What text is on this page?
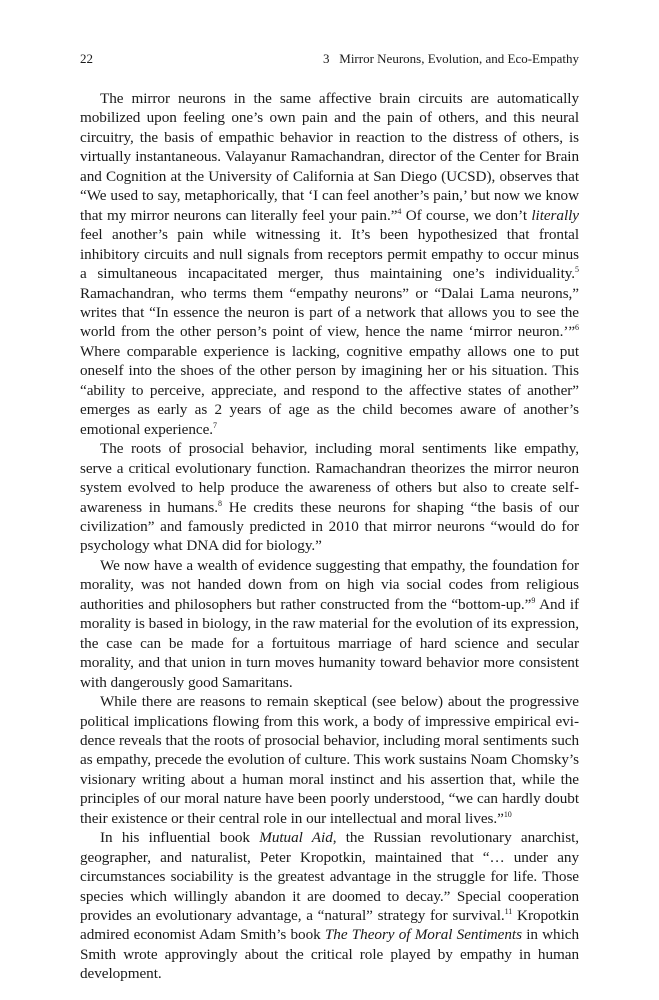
22	3   Mirror Neurons, Evolution, and Eco-Empathy

The mirror neurons in the same affective brain circuits are automatically mobilized upon feeling one’s own pain and the pain of others, and this neural circuitry, the basis of empathic behavior in reaction to the distress of others, is virtually instantaneous. Valayanur Ramachandran, director of the Center for Brain and Cognition at the University of California at San Diego (UCSD), observes that “We used to say, metaphorically, that ‘I can feel another’s pain,’ but now we know that my mirror neurons can literally feel your pain.”$^4$ Of course, we don’t literally feel another’s pain while witnessing it. It’s been hypothesized that frontal inhibitory circuits and null signals from receptors permit empathy to occur minus a simultaneous incapacitated merger, thus maintaining one’s individuality.$^5$ Ramachandran, who terms them “empathy neurons” or “Dalai Lama neurons,” writes that “In essence the neuron is part of a network that allows you to see the world from the other person’s point of view, hence the name ‘mirror neuron.’”$^6$ Where comparable experience is lacking, cognitive empathy allows one to put oneself into the shoes of the other person by imagining her or his situation. This “ability to perceive, appreciate, and respond to the affective states of another” emerges as early as 2 years of age as the child becomes aware of another’s emotional experience.$^7$

The roots of prosocial behavior, including moral sentiments like empathy, serve a critical evolutionary function. Ramachandran theorizes the mirror neuron system evolved to help produce the awareness of others but also to create self-awareness in humans.$^8$ He credits these neurons for shaping “the basis of our civilization” and famously predicted in 2010 that mirror neurons “would do for psychology what DNA did for biology.”

We now have a wealth of evidence suggesting that empathy, the foundation for morality, was not handed down from on high via social codes from religious authorities and philosophers but rather constructed from the “bottom-up.”$^9$ And if morality is based in biology, in the raw material for the evolution of its expression, the case can be made for a fortuitous marriage of hard science and secular morality, and that union in turn moves humanity toward behavior more consistent with dangerously good Samaritans.

While there are reasons to remain skeptical (see below) about the progressive political implications flowing from this work, a body of impressive empirical evidence reveals that the roots of prosocial behavior, including moral sentiments such as empathy, precede the evolution of culture. This work sustains Noam Chomsky’s visionary writing about a human moral instinct and his assertion that, while the principles of our moral nature have been poorly understood, “we can hardly doubt their existence or their central role in our intellectual and moral lives.”$^{10}$

In his influential book Mutual Aid, the Russian revolutionary anarchist, geographer, and naturalist, Peter Kropotkin, maintained that “… under any circumstances sociability is the greatest advantage in the struggle for life. Those species which willingly abandon it are doomed to decay.” Special cooperation provides an evolutionary advantage, a “natural” strategy for survival.$^{11}$ Kropotkin admired economist Adam Smith’s book The Theory of Moral Sentiments in which Smith wrote approvingly about the critical role played by empathy in human development.
